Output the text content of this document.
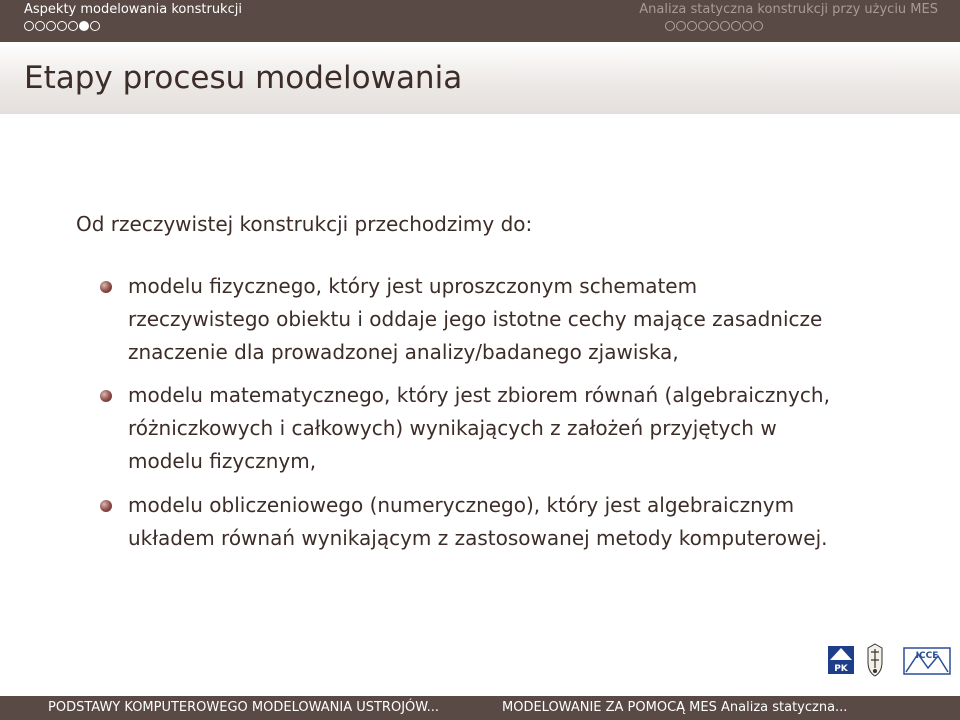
Aspekty modelowania konstrukcji	Analiza statyczna konstrukcji przy użyciu MES
Etapy procesu modelowania
Od rzeczywistej konstrukcji przechodzimy do:
modelu fizycznego, który jest uproszczonym schematem
rzeczywistego obiektu i oddaje jego istotne cechy mające zasadnicze
znaczenie dla prowadzonej analizy/badanego zjawiska,
modelu matematycznego, który jest zbiorem równań (algebraicznych,
różniczkowych i całkowych) wynikających z założeń przyjętych w
modelu fizycznym,
modelu obliczeniowego (numerycznego), który jest algebraicznym
układem równań wynikającym z zastosowanej metody komputerowej.
PK
ICCE
PODSTAWY KOMPUTEROWEGO MODELOWANIA USTROJÓW...	MODELOWANIE ZA POMOCĄ MES Analiza statyczna...
